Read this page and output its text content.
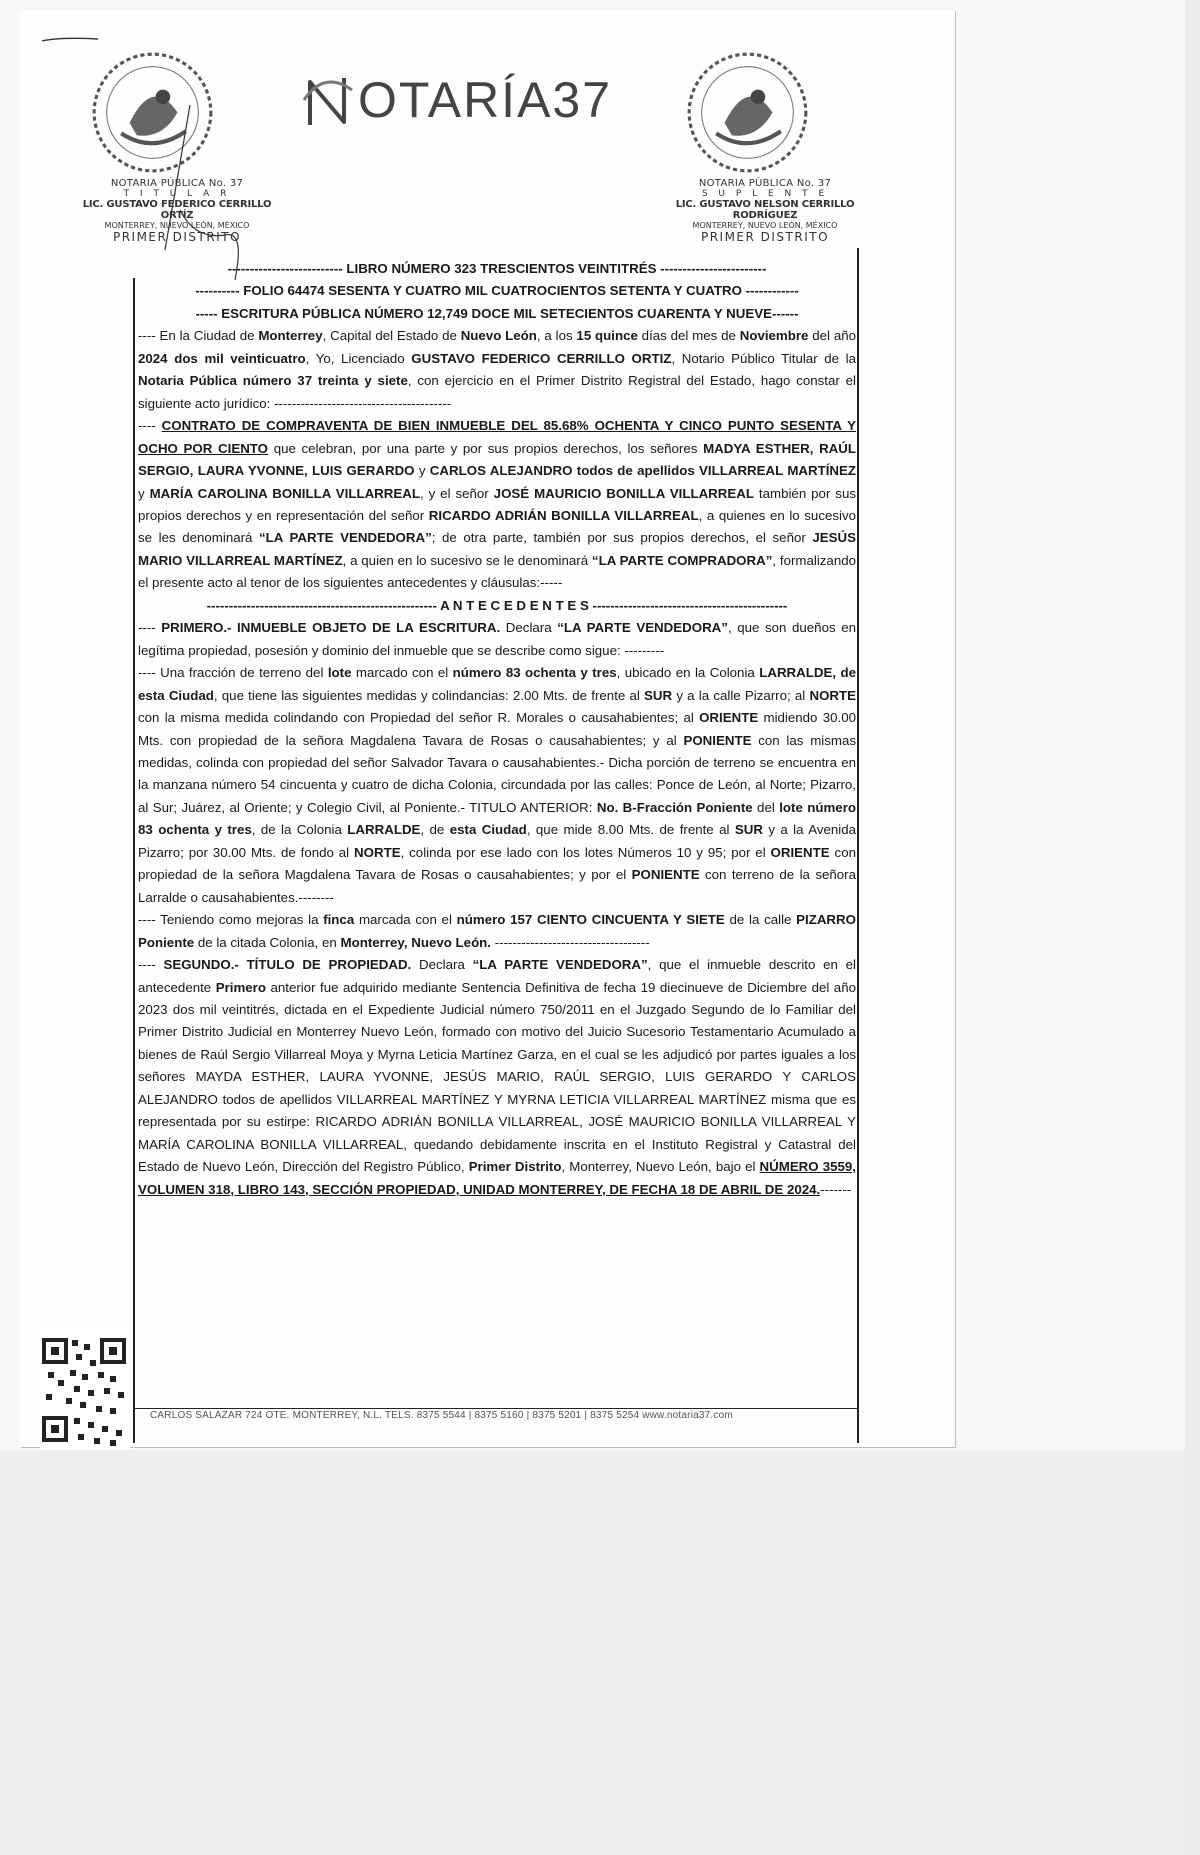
OTARÍA37
NOTARIA PÚBLICA No. 37
T I T U L A R
LIC. GUSTAVO FEDERICO CERRILLO ORTÍZ
MONTERREY, NUEVO LEÓN, MÉXICO
PRIMER DISTRITO
NOTARIA PÚBLICA No. 37
S U P L E N T E
LIC. GUSTAVO NELSON CERRILLO RODRÍGUEZ
MONTERREY, NUEVO LEÓN, MÉXICO
PRIMER DISTRITO

-------------------------- LIBRO NÚMERO 323 TRESCIENTOS VEINTITRÉS ------------------------

---------- FOLIO 64474 SESENTA Y CUATRO MIL CUATROCIENTOS SETENTA Y CUATRO ------------

----- ESCRITURA PÚBLICA NÚMERO 12,749 DOCE MIL SETECIENTOS CUARENTA Y NUEVE------

---- En la Ciudad de Monterrey, Capital del Estado de Nuevo León, a los 15 quince días del mes de Noviembre del año 2024 dos mil veinticuatro, Yo, Licenciado GUSTAVO FEDERICO CERRILLO ORTIZ, Notario Público Titular de la Notaria Pública número 37 treinta y siete, con ejercicio en el Primer Distrito Registral del Estado, hago constar el siguiente acto jurídico: ----------------------------------------

---- CONTRATO DE COMPRAVENTA DE BIEN INMUEBLE DEL 85.68% OCHENTA Y CINCO PUNTO SESENTA Y OCHO POR CIENTO que celebran, por una parte y por sus propios derechos, los señores MADYA ESTHER, RAÚL SERGIO, LAURA YVONNE, LUIS GERARDO y CARLOS ALEJANDRO todos de apellidos VILLARREAL MARTÍNEZ y MARÍA CAROLINA BONILLA VILLARREAL, y el señor JOSÉ MAURICIO BONILLA VILLARREAL también por sus propios derechos y en representación del señor RICARDO ADRIÁN BONILLA VILLARREAL, a quienes en lo sucesivo se les denominará “LA PARTE VENDEDORA”; de otra parte, también por sus propios derechos, el señor JESÚS MARIO VILLARREAL MARTÍNEZ, a quien en lo sucesivo se le denominará “LA PARTE COMPRADORA”, formalizando el presente acto al tenor de los siguientes antecedentes y cláusulas:-----

---------------------------------------------------- A N T E C E D E N T E S --------------------------------------------

---- PRIMERO.- INMUEBLE OBJETO DE LA ESCRITURA. Declara “LA PARTE VENDEDORA”, que son dueños en legítima propiedad, posesión y dominio del inmueble que se describe como sigue: ---------

---- Una fracción de terreno del lote marcado con el número 83 ochenta y tres, ubicado en la Colonia LARRALDE, de esta Ciudad, que tiene las siguientes medidas y colindancias: 2.00 Mts. de frente al SUR y a la calle Pizarro; al NORTE con la misma medida colindando con Propiedad del señor R. Morales o causahabientes; al ORIENTE midiendo 30.00 Mts. con propiedad de la señora Magdalena Tavara de Rosas o causahabientes; y al PONIENTE con las mismas medidas, colinda con propiedad del señor Salvador Tavara o causahabientes.- Dicha porción de terreno se encuentra en la manzana número 54 cincuenta y cuatro de dicha Colonia, circundada por las calles: Ponce de León, al Norte; Pizarro, al Sur; Juárez, al Oriente; y Colegio Civil, al Poniente.- TITULO ANTERIOR: No. B-Fracción Poniente del lote número 83 ochenta y tres, de la Colonia LARRALDE, de esta Ciudad, que mide 8.00 Mts. de frente al SUR y a la Avenida Pizarro; por 30.00 Mts. de fondo al NORTE, colinda por ese lado con los lotes Números 10 y 95; por el ORIENTE con propiedad de la señora Magdalena Tavara de Rosas o causahabientes; y por el PONIENTE con terreno de la señora Larralde o causahabientes.--------

---- Teniendo como mejoras la finca marcada con el número 157 CIENTO CINCUENTA Y SIETE de la calle PIZARRO Poniente de la citada Colonia, en Monterrey, Nuevo León. -----------------------------------

---- SEGUNDO.- TÍTULO DE PROPIEDAD. Declara “LA PARTE VENDEDORA”, que el inmueble descrito en el antecedente Primero anterior fue adquirido mediante Sentencia Definitiva de fecha 19 diecinueve de Diciembre del año 2023 dos mil veintitrés, dictada en el Expediente Judicial número 750/2011 en el Juzgado Segundo de lo Familiar del Primer Distrito Judicial en Monterrey Nuevo León, formado con motivo del Juicio Sucesorio Testamentario Acumulado a bienes de Raúl Sergio Villarreal Moya y Myrna Leticia Martínez Garza, en el cual se les adjudicó por partes iguales a los señores MAYDA ESTHER, LAURA YVONNE, JESÚS MARIO, RAÚL SERGIO, LUIS GERARDO Y CARLOS ALEJANDRO todos de apellidos VILLARREAL MARTÍNEZ Y MYRNA LETICIA VILLARREAL MARTÍNEZ misma que es representada por su estirpe: RICARDO ADRIÁN BONILLA VILLARREAL, JOSÉ MAURICIO BONILLA VILLARREAL Y MARÍA CAROLINA BONILLA VILLARREAL, quedando debidamente inscrita en el Instituto Registral y Catastral del Estado de Nuevo León, Dirección del Registro Público, Primer Distrito, Monterrey, Nuevo León, bajo el NÚMERO 3559, VOLUMEN 318, LIBRO 143, SECCIÓN PROPIEDAD, UNIDAD MONTERREY, DE FECHA 18 DE ABRIL DE 2024.-------

CARLOS SALAZAR 724 OTE. MONTERREY, N.L. TELS. 8375 5544 | 8375 5160 | 8375 5201 | 8375 5254 www.notaria37.com
